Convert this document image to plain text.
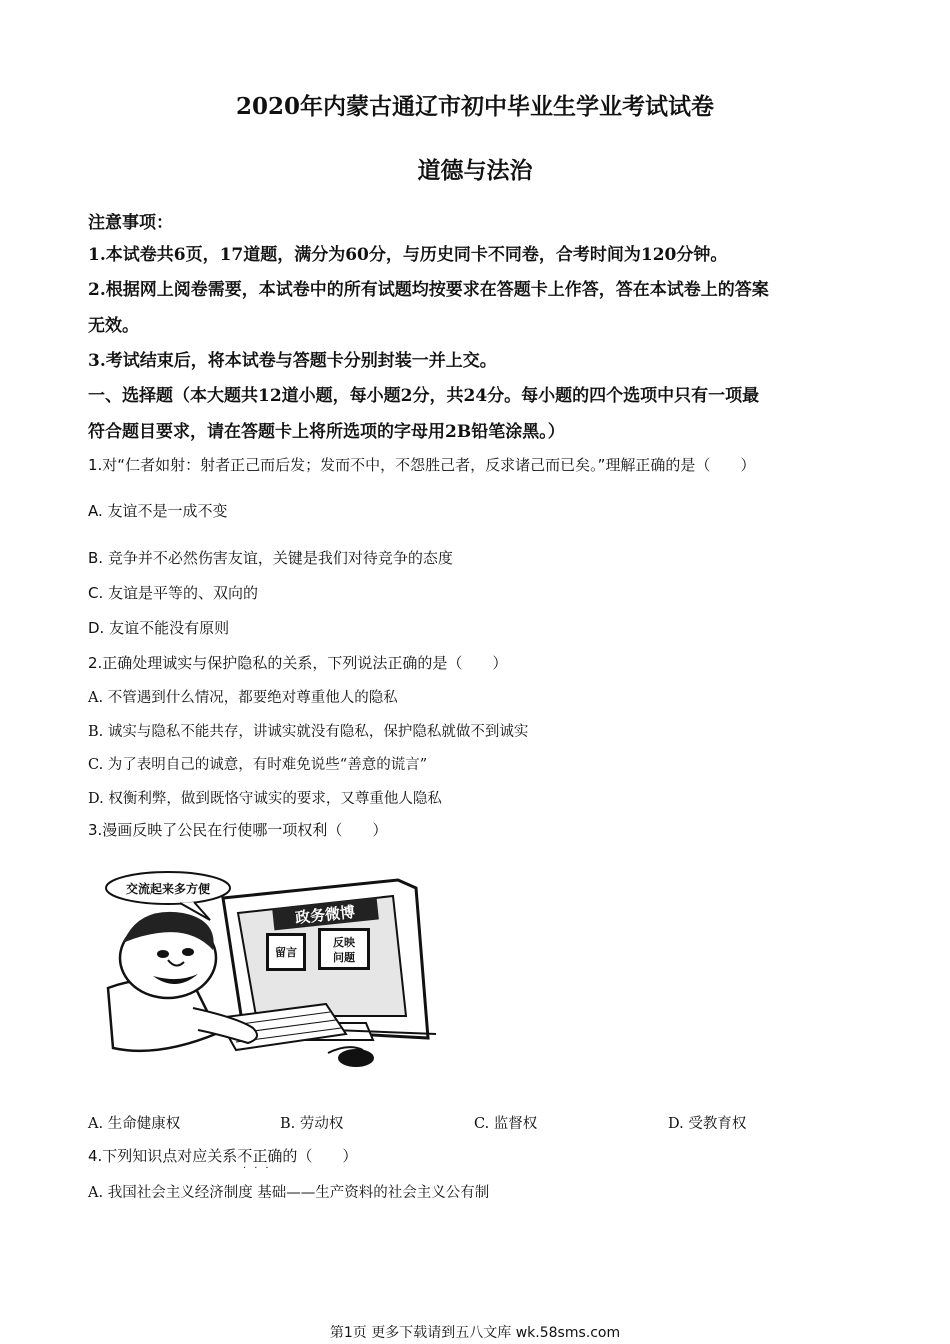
2020年内蒙古通辽市初中毕业生学业考试试卷
道德与法治
注意事项：
1.本试卷共6页，17道题，满分为60分，与历史同卡不同卷，合考时间为120分钟。
2.根据网上阅卷需要，本试卷中的所有试题均按要求在答题卡上作答，答在本试卷上的答案
无效。
3.考试结束后，将本试卷与答题卡分别封装一并上交。
一、选择题（本大题共12道小题，每小题2分，共24分。每小题的四个选项中只有一项最
符合题目要求，请在答题卡上将所选项的字母用2B铅笔涂黑。）
1.对“仁者如射：射者正己而后发；发而不中，不怨胜己者，反求诸己而已矣。”理解正确的是（　　）
A. 友谊不是一成不变
B. 竞争并不必然伤害友谊，关键是我们对待竞争的态度
C. 友谊是平等的、双向的
D. 友谊不能没有原则
2.正确处理诚实与保护隐私的关系，下列说法正确的是（　　）
A. 不管遇到什么情况，都要绝对尊重他人的隐私
B. 诚实与隐私不能共存，讲诚实就没有隐私，保护隐私就做不到诚实
C. 为了表明自己的诚意，有时难免说些“善意的谎言”
D. 权衡利弊，做到既恪守诚实的要求，又尊重他人隐私
3.漫画反映了公民在行使哪一项权利（　　）
交流起来多方便
政务微博
留言
反映
问题
A. 生命健康权	B. 劳动权	C. 监督权	D. 受教育权
4.下列知识点对应关系不正确
···
的（　　）
A. 我国社会主义经济制度 基础——生产资料的社会主义公有制
第1页 更多下载请到五八文库 wk.58sms.com
